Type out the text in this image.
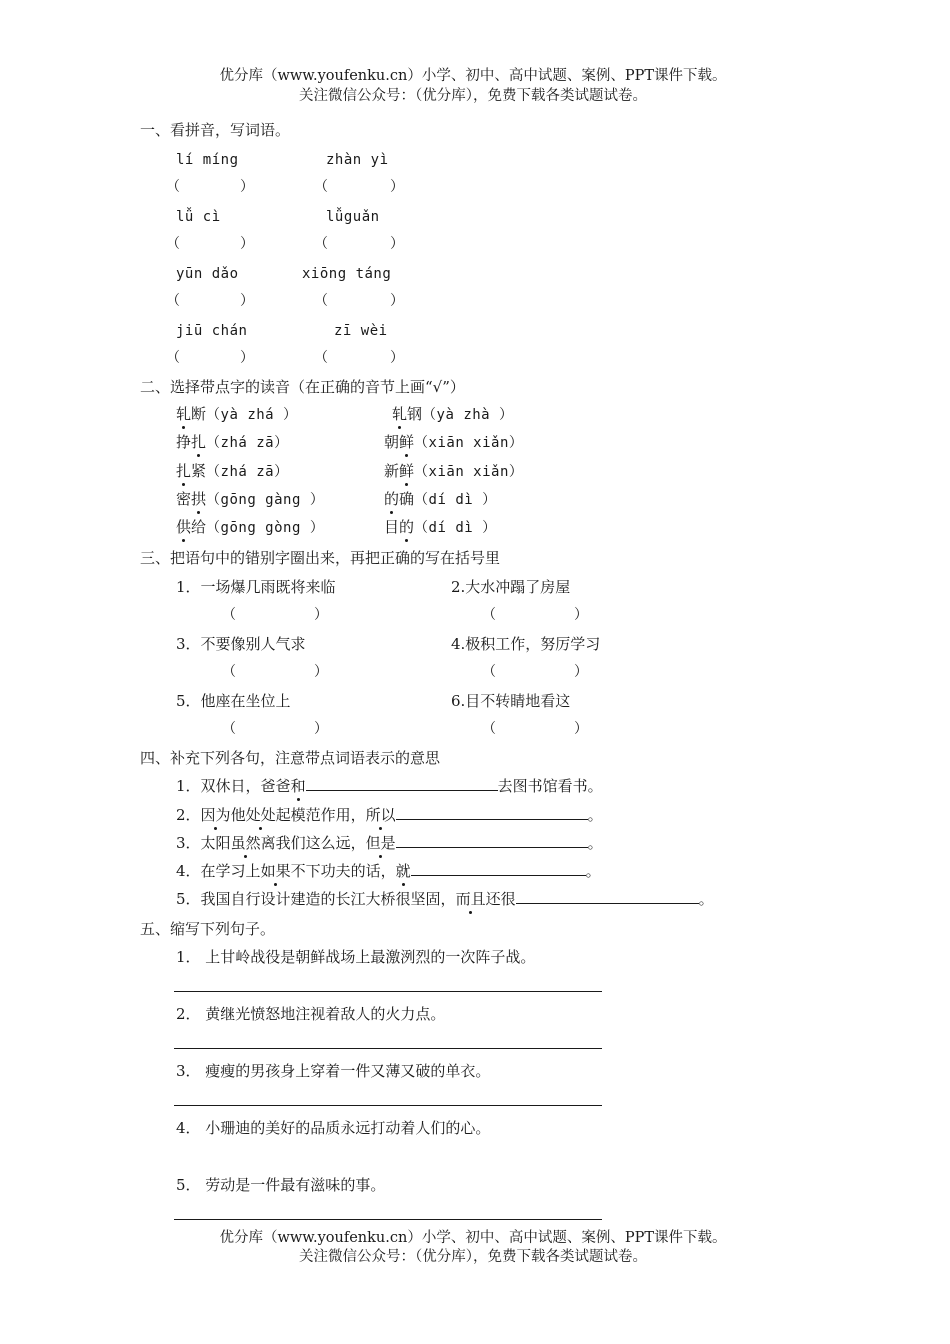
优分库（www.youfenku.cn）小学、初中、高中试题、案例、PPT课件下载。
关注微信公众号：（优分库），免费下载各类试题试卷。
一、看拼音，写词语。
lí míng	zhàn yì
（	）	（	）
lǚ cì	lǚguǎn
（	）	（	）
yūn dǎo	xiōng táng
（	）	（	）
jiū chán	zī wèi
（	）	（	）
二、选择带点字的读音（在正确的音节上画“√”）
轧断（yà zhá ）	轧钢（yà zhà ）
挣扎（zhá zā）	朝鲜（xiān xiǎn）
扎紧（zhá zā）	新鲜（xiān xiǎn）
密拱（gōng gàng ）	的确（dí dì ）
供给（gōng gòng ）	目的（dí dì ）
三、把语句中的错别字圈出来，再把正确的写在括号里
1．一场爆几雨既将来临	2.大水冲蹋了房屋
（	）	（	）
3．不要像别人气求	4.极积工作，努厉学习
（	）	（	）
5．他座在坐位上	6.目不转睛地看这
（	）	（	）
四、补充下列各句，注意带点词语表示的意思
1．双休日，爸爸和	去图书馆看书。
2．因为他处处起模范作用，所以	。
3．太阳虽然离我们这么远，但是	。
4．在学习上如果不下功夫的话，就	。
5．我国自行设计建造的长江大桥很坚固，而且还很	。
五、缩写下列句子。
1． 上甘岭战役是朝鲜战场上最激洌烈的一次阵子战。
2． 黄继光愤怒地注视着敌人的火力点。
3． 瘦瘦的男孩身上穿着一件又薄又破的单衣。
4． 小珊迪的美好的品质永远打动着人们的心。
5． 劳动是一件最有滋味的事。
优分库（www.youfenku.cn）小学、初中、高中试题、案例、PPT课件下载。
关注微信公众号：（优分库），免费下载各类试题试卷。
